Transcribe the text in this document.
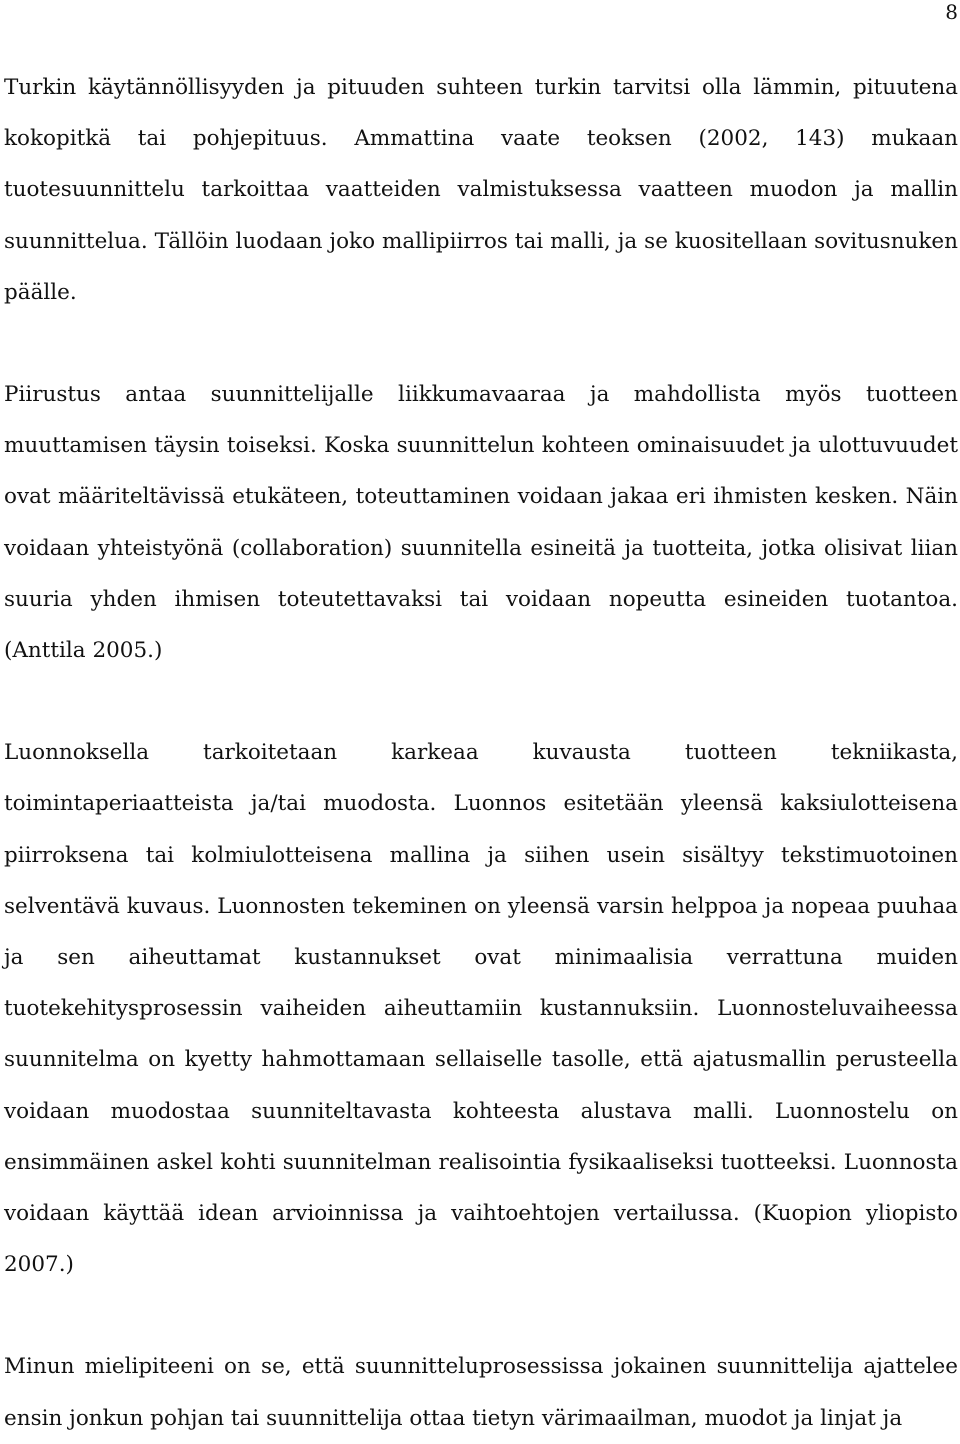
8

Turkin käytännöllisyyden ja pituuden suhteen turkin tarvitsi olla lämmin, pituutena kokopitkä tai pohjepituus. Ammattina vaate teoksen (2002, 143) mukaan tuotesuunnittelu tarkoittaa vaatteiden valmistuksessa vaatteen muodon ja mallin suunnittelua. Tällöin luodaan joko mallipiirros tai malli, ja se kuositellaan sovitusnuken päälle.

Piirustus antaa suunnittelijalle liikkumavaaraa ja mahdollista myös tuotteen muuttamisen täysin toiseksi. Koska suunnittelun kohteen ominaisuudet ja ulottuvuudet ovat määriteltävissä etukäteen, toteuttaminen voidaan jakaa eri ihmisten kesken. Näin voidaan yhteistyönä (collaboration) suunnitella esineitä ja tuotteita, jotka olisivat liian suuria yhden ihmisen toteutettavaksi tai voidaan nopeutta esineiden tuotantoa. (Anttila 2005.)

Luonnoksella tarkoitetaan karkeaa kuvausta tuotteen tekniikasta, toimintaperiaatteista ja/tai muodosta. Luonnos esitetään yleensä kaksiulotteisena piirroksena tai kolmiulotteisena mallina ja siihen usein sisältyy tekstimuotoinen selventävä kuvaus. Luonnosten tekeminen on yleensä varsin helppoa ja nopeaa puuhaa ja sen aiheuttamat kustannukset ovat minimaalisia verrattuna muiden tuotekehitysprosessin vaiheiden aiheuttamiin kustannuksiin. Luonnosteluvaiheessa suunnitelma on kyetty hahmottamaan sellaiselle tasolle, että ajatusmallin perusteella voidaan muodostaa suunniteltavasta kohteesta alustava malli. Luonnostelu on ensimmäinen askel kohti suunnitelman realisointia fysikaaliseksi tuotteeksi. Luonnosta voidaan käyttää idean arvioinnissa ja vaihtoehtojen vertailussa. (Kuopion yliopisto 2007.)

Minun mielipiteeni on se, että suunnitteluprosessissa jokainen suunnittelija ajattelee ensin jonkun pohjan tai suunnittelija ottaa tietyn värimaailman, muodot ja linjat ja
